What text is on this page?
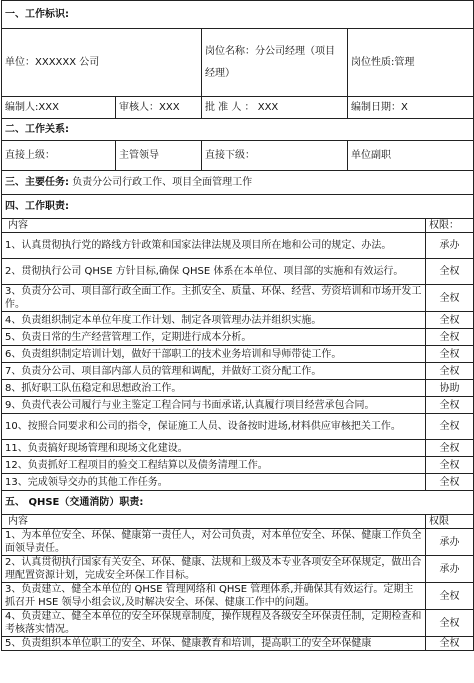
一、工作标识:				
单位：XXXXXX 公司		岗位名称：分公司经理（项目经理）	岗位性质:管理	
编制人:XXX	审核人：XXX	批 准 人 ： XXX	编制日期：X	
二、工作关系:				
直接上级：	主管领导	直接下级：	单位副职	
三、主要任务: 负责分公司行政工作、项目全面管理工作				
四、工作职责:				
内容				权限：
1、认真贯彻执行党的路线方针政策和国家法律法规及项目所在地和公司的规定、办法。				承办
2、贯彻执行公司 QHSE 方针目标,确保 QHSE 体系在本单位、项目部的实施和有效运行。				全权
3、负责分公司、项目部行政全面工作。主抓安全、质量、环保、经营、劳资培训和市场开发工作。				全权
4、负责组织制定本单位年度工作计划、制定各项管理办法并组织实施。				全权
5、负责日常的生产经营管理工作，定期进行成本分析。				全权
6、负责组织制定培训计划，做好干部职工的技术业务培训和导师带徒工作。				全权
7、负责分公司、项目部内部人员的管理和调配，并做好工资分配工作。				全权
8、抓好职工队伍稳定和思想政治工作。				协助
9、负责代表公司履行与业主鉴定工程合同与书面承诺,认真履行项目经营承包合同。				全权
10、按照合同要求和公司的指令，保证施工人员、设备按时进场,材料供应审核把关工作。				全权
11、负责搞好现场管理和现场文化建设。				全权
12、负责抓好工程项目的验交工程结算以及债务清理工作。				全权
13、完成领导交办的其他工作任务。				全权
五、 QHSE（交通消防）职责:				
内容				权限
1、为本单位安全、环保、健康第一责任人，对公司负责，对本单位安全、环保、健康工作负全面领导责任。				承办
2、认真贯彻执行国家有关安全、环保、健康、法规和上级及本专业各项安全环保规定，做出合理配置资源计划，完成安全环保工作目标。				承办
3、负责建立、健全本单位的 QHSE 管理网络和 QHSE 管理体系,并确保其有效运行。定期主抓召开 HSE 领导小组会议,及时解决安全、环保、健康工作中的问题。				全权
4、负责建立、健全本单位的安全环保规章制度，操作规程及各级安全环保责任制，定期检查和考核落实情况。				全权
5、负责组织本单位职工的安全、环保、健康教育和培训，提高职工的安全环保健康				全权
